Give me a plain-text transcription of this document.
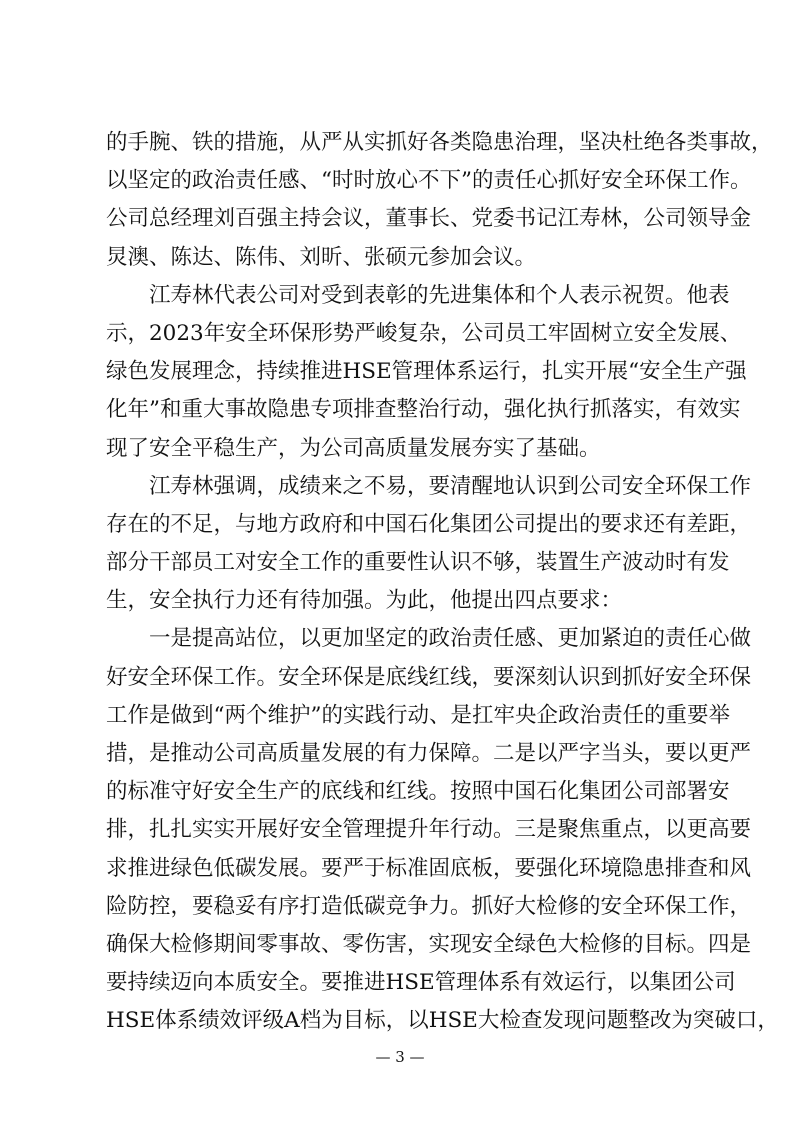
的手腕、铁的措施，从严从实抓好各类隐患治理，坚决杜绝各类事故，
以坚定的政治责任感、“时时放心不下”的责任心抓好安全环保工作。
公司总经理刘百强主持会议，董事长、党委书记江寿林，公司领导金
炅澳、陈达、陈伟、刘昕、张硕元参加会议。
江寿林代表公司对受到表彰的先进集体和个人表示祝贺。他表
示，2023年安全环保形势严峻复杂，公司员工牢固树立安全发展、
绿色发展理念，持续推进HSE管理体系运行，扎实开展“安全生产强
化年”和重大事故隐患专项排查整治行动，强化执行抓落实，有效实
现了安全平稳生产，为公司高质量发展夯实了基础。
江寿林强调，成绩来之不易，要清醒地认识到公司安全环保工作
存在的不足，与地方政府和中国石化集团公司提出的要求还有差距，
部分干部员工对安全工作的重要性认识不够，装置生产波动时有发
生，安全执行力还有待加强。为此，他提出四点要求：
一是提高站位，以更加坚定的政治责任感、更加紧迫的责任心做
好安全环保工作。安全环保是底线红线，要深刻认识到抓好安全环保
工作是做到“两个维护”的实践行动、是扛牢央企政治责任的重要举
措，是推动公司高质量发展的有力保障。二是以严字当头，要以更严
的标准守好安全生产的底线和红线。按照中国石化集团公司部署安
排，扎扎实实开展好安全管理提升年行动。三是聚焦重点，以更高要
求推进绿色低碳发展。要严于标准固底板，要强化环境隐患排查和风
险防控，要稳妥有序打造低碳竞争力。抓好大检修的安全环保工作，
确保大检修期间零事故、零伤害，实现安全绿色大检修的目标。四是
要持续迈向本质安全。要推进HSE管理体系有效运行，以集团公司
HSE体系绩效评级A档为目标，以HSE大检查发现问题整改为突破口，
— 3 —
